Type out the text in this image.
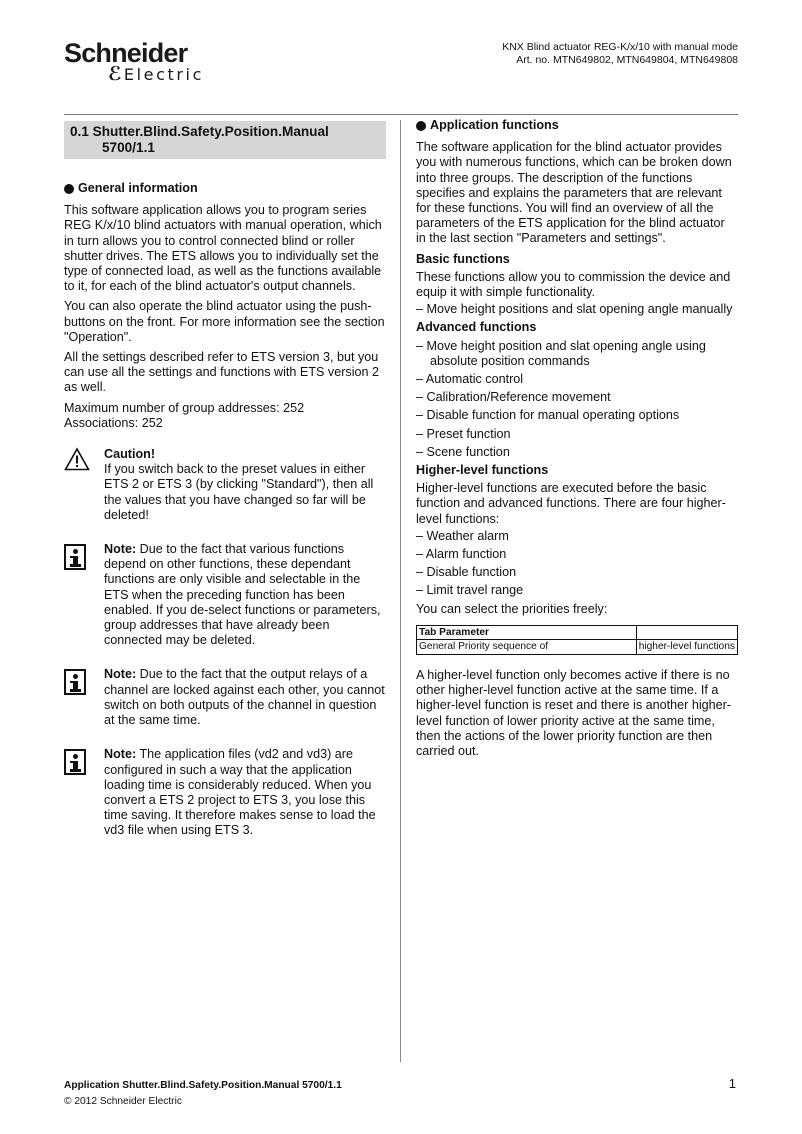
Schneider
ℰ Electric
KNX Blind actuator REG-K/x/10 with manual mode
Art. no. MTN649802, MTN649804, MTN649808
0.1 Shutter.Blind.Safety.Position.Manual
5700/1.1
General information

This software application allows you to program series REG K/x/10 blind actuators with manual operation, which in turn allows you to control connected blind or roller shutter drives. The ETS allows you to individually set the type of connected load, as well as the functions available to it, for each of the blind actuator's output channels.

You can also operate the blind actuator using the push-buttons on the front. For more information see the section "Operation".

All the settings described refer to ETS version 3, but you can use all the settings and functions with ETS version 2 as well.

Maximum number of group addresses: 252
Associations: 252
Caution!
If you switch back to the preset values in either ETS 2 or ETS 3 (by clicking "Standard"), then all the values that you have changed so far will be deleted!
Note: Due to the fact that various functions depend on other functions, these dependant functions are only visible and selectable in the ETS when the preceding function has been enabled. If you de-select functions or parameters, group addresses that have already been connected may be deleted.
Note: Due to the fact that the output relays of a channel are locked against each other, you cannot switch on both outputs of the channel in question at the same time.
Note: The application files (vd2 and vd3) are configured in such a way that the application loading time is considerably reduced. When you convert a ETS 2 project to ETS 3, you lose this time saving. It therefore makes sense to load the vd3 file when using ETS 3.
Application functions

The software application for the blind actuator provides you with numerous functions, which can be broken down into three groups. The description of the functions specifies and explains the parameters that are relevant for these functions. You will find an overview of all the parameters of the ETS application for the blind actuator in the last section "Parameters and settings".

Basic functions

These functions allow you to commission the device and equip it with simple functionality.

– Move height positions and slat opening angle manually
Advanced functions
– Move height position and slat opening angle using absolute position commands
– Automatic control
– Calibration/Reference movement
– Disable function for manual operating options
– Preset function
– Scene function
Higher-level functions

Higher-level functions are executed before the basic function and advanced functions. There are four higher-level functions:

– Weather alarm
– Alarm function
– Disable function
– Limit travel range
You can select the priorities freely:
Tab Parameter	
General Priority sequence of	higher-level functions

A higher-level function only becomes active if there is no other higher-level function active at the same time. If a higher-level function is reset and there is another higher-level function of lower priority active at the same time, then the actions of the lower priority function are then carried out.

Application Shutter.Blind.Safety.Position.Manual 5700/1.1
© 2012 Schneider Electric
1
